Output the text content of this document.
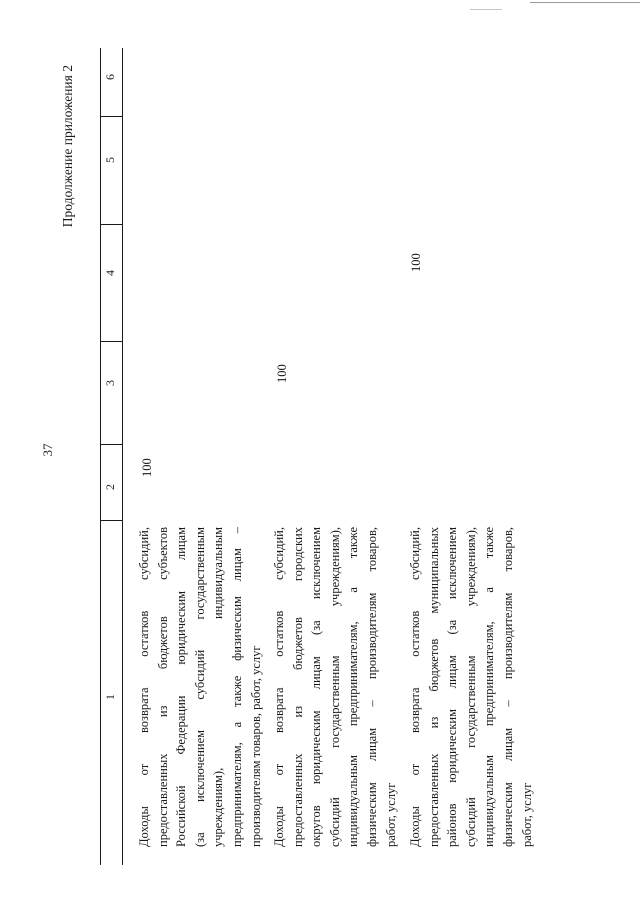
37
Продолжение приложения 2
1
2
3
4
5
6
Доходы от возврата остатков субсидий, предоставленных из бюджетов субъектов Российской Федерации юридическим лицам (за исключением субсидий государственным учреждениям), индивидуальным предпринимателям, а также физическим лицам – производителям товаров, работ, услуг
100
Доходы от возврата остатков субсидий, предоставленных из бюджетов городских округов юридическим лицам (за исключением субсидий государственным учреждениям), индивидуальным предпринимателям, а также физическим лицам – производителям товаров, работ, услуг
100
Доходы от возврата остатков субсидий, предоставленных из бюджетов муниципальных районов юридическим лицам (за исключением субсидий государственным учреждениям), индивидуальным предпринимателям, а также физическим лицам – производителям товаров, работ, услуг
100
